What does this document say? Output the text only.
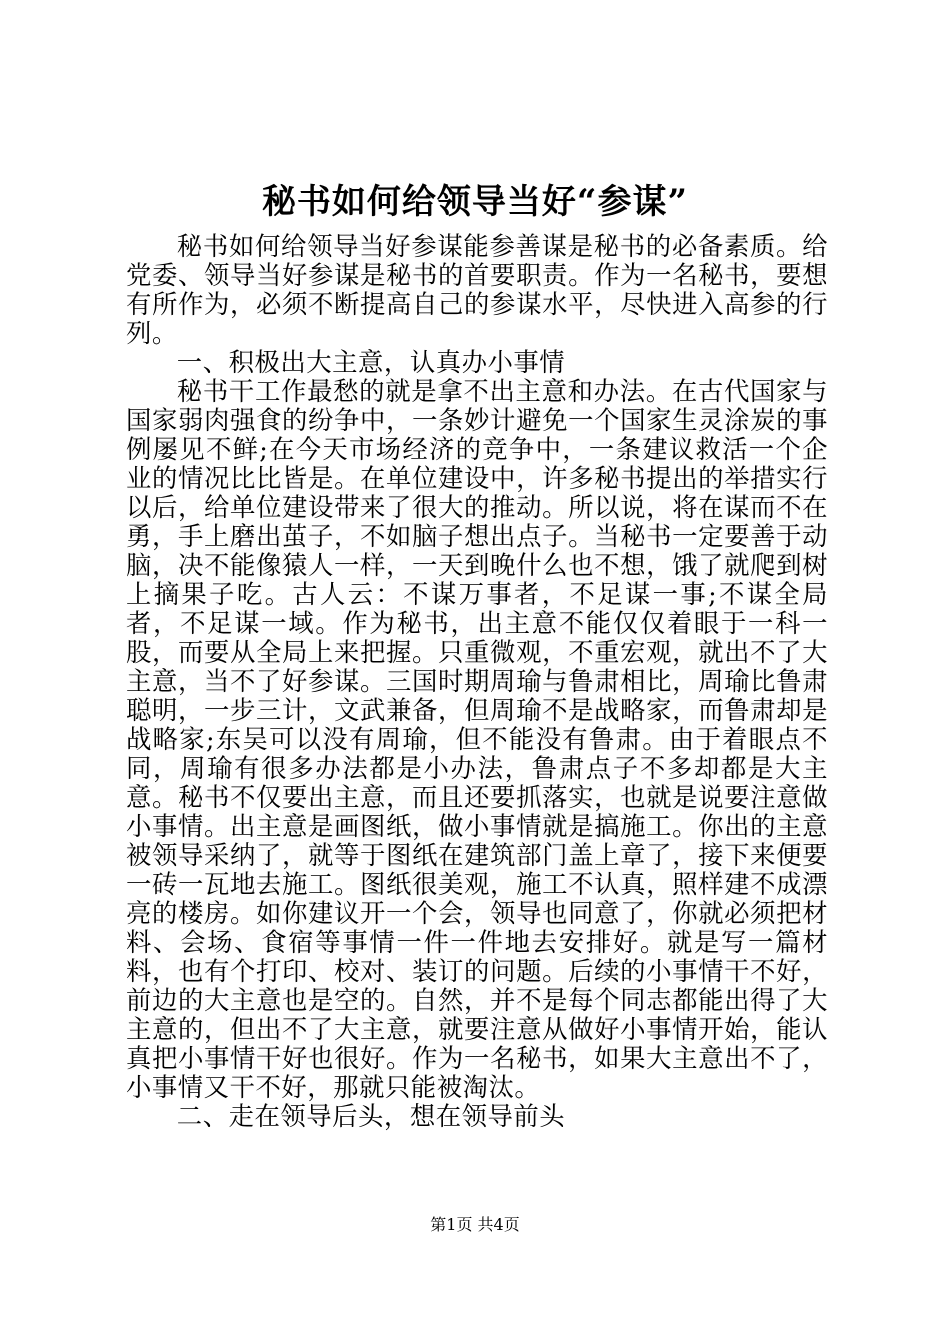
秘书如何给领导当好“参谋”

秘书如何给领导当好参谋能参善谋是秘书的必备素质。给党委、领导当好参谋是秘书的首要职责。作为一名秘书，要想有所作为，必须不断提高自己的参谋水平，尽快进入高参的行列。

一、积极出大主意，认真办小事情

秘书干工作最愁的就是拿不出主意和办法。在古代国家与国家弱肉强食的纷争中，一条妙计避免一个国家生灵涂炭的事例屡见不鲜;在今天市场经济的竞争中，一条建议救活一个企业的情况比比皆是。在单位建设中，许多秘书提出的举措实行以后，给单位建设带来了很大的推动。所以说，将在谋而不在勇，手上磨出茧子，不如脑子想出点子。当秘书一定要善于动脑，决不能像猿人一样，一天到晚什么也不想，饿了就爬到树上摘果子吃。古人云：不谋万事者，不足谋一事;不谋全局者，不足谋一域。作为秘书，出主意不能仅仅着眼于一科一股，而要从全局上来把握。只重微观，不重宏观，就出不了大主意，当不了好参谋。三国时期周瑜与鲁肃相比，周瑜比鲁肃聪明，一步三计，文武兼备，但周瑜不是战略家，而鲁肃却是战略家;东吴可以没有周瑜，但不能没有鲁肃。由于着眼点不同，周瑜有很多办法都是小办法，鲁肃点子不多却都是大主意。秘书不仅要出主意，而且还要抓落实，也就是说要注意做小事情。出主意是画图纸，做小事情就是搞施工。你出的主意被领导采纳了，就等于图纸在建筑部门盖上章了，接下来便要一砖一瓦地去施工。图纸很美观，施工不认真，照样建不成漂亮的楼房。如你建议开一个会，领导也同意了，你就必须把材料、会场、食宿等事情一件一件地去安排好。就是写一篇材料，也有个打印、校对、装订的问题。后续的小事情干不好，前边的大主意也是空的。自然，并不是每个同志都能出得了大主意的，但出不了大主意，就要注意从做好小事情开始，能认真把小事情干好也很好。作为一名秘书，如果大主意出不了，小事情又干不好，那就只能被淘汰。

二、走在领导后头，想在领导前头

第1页 共4页
